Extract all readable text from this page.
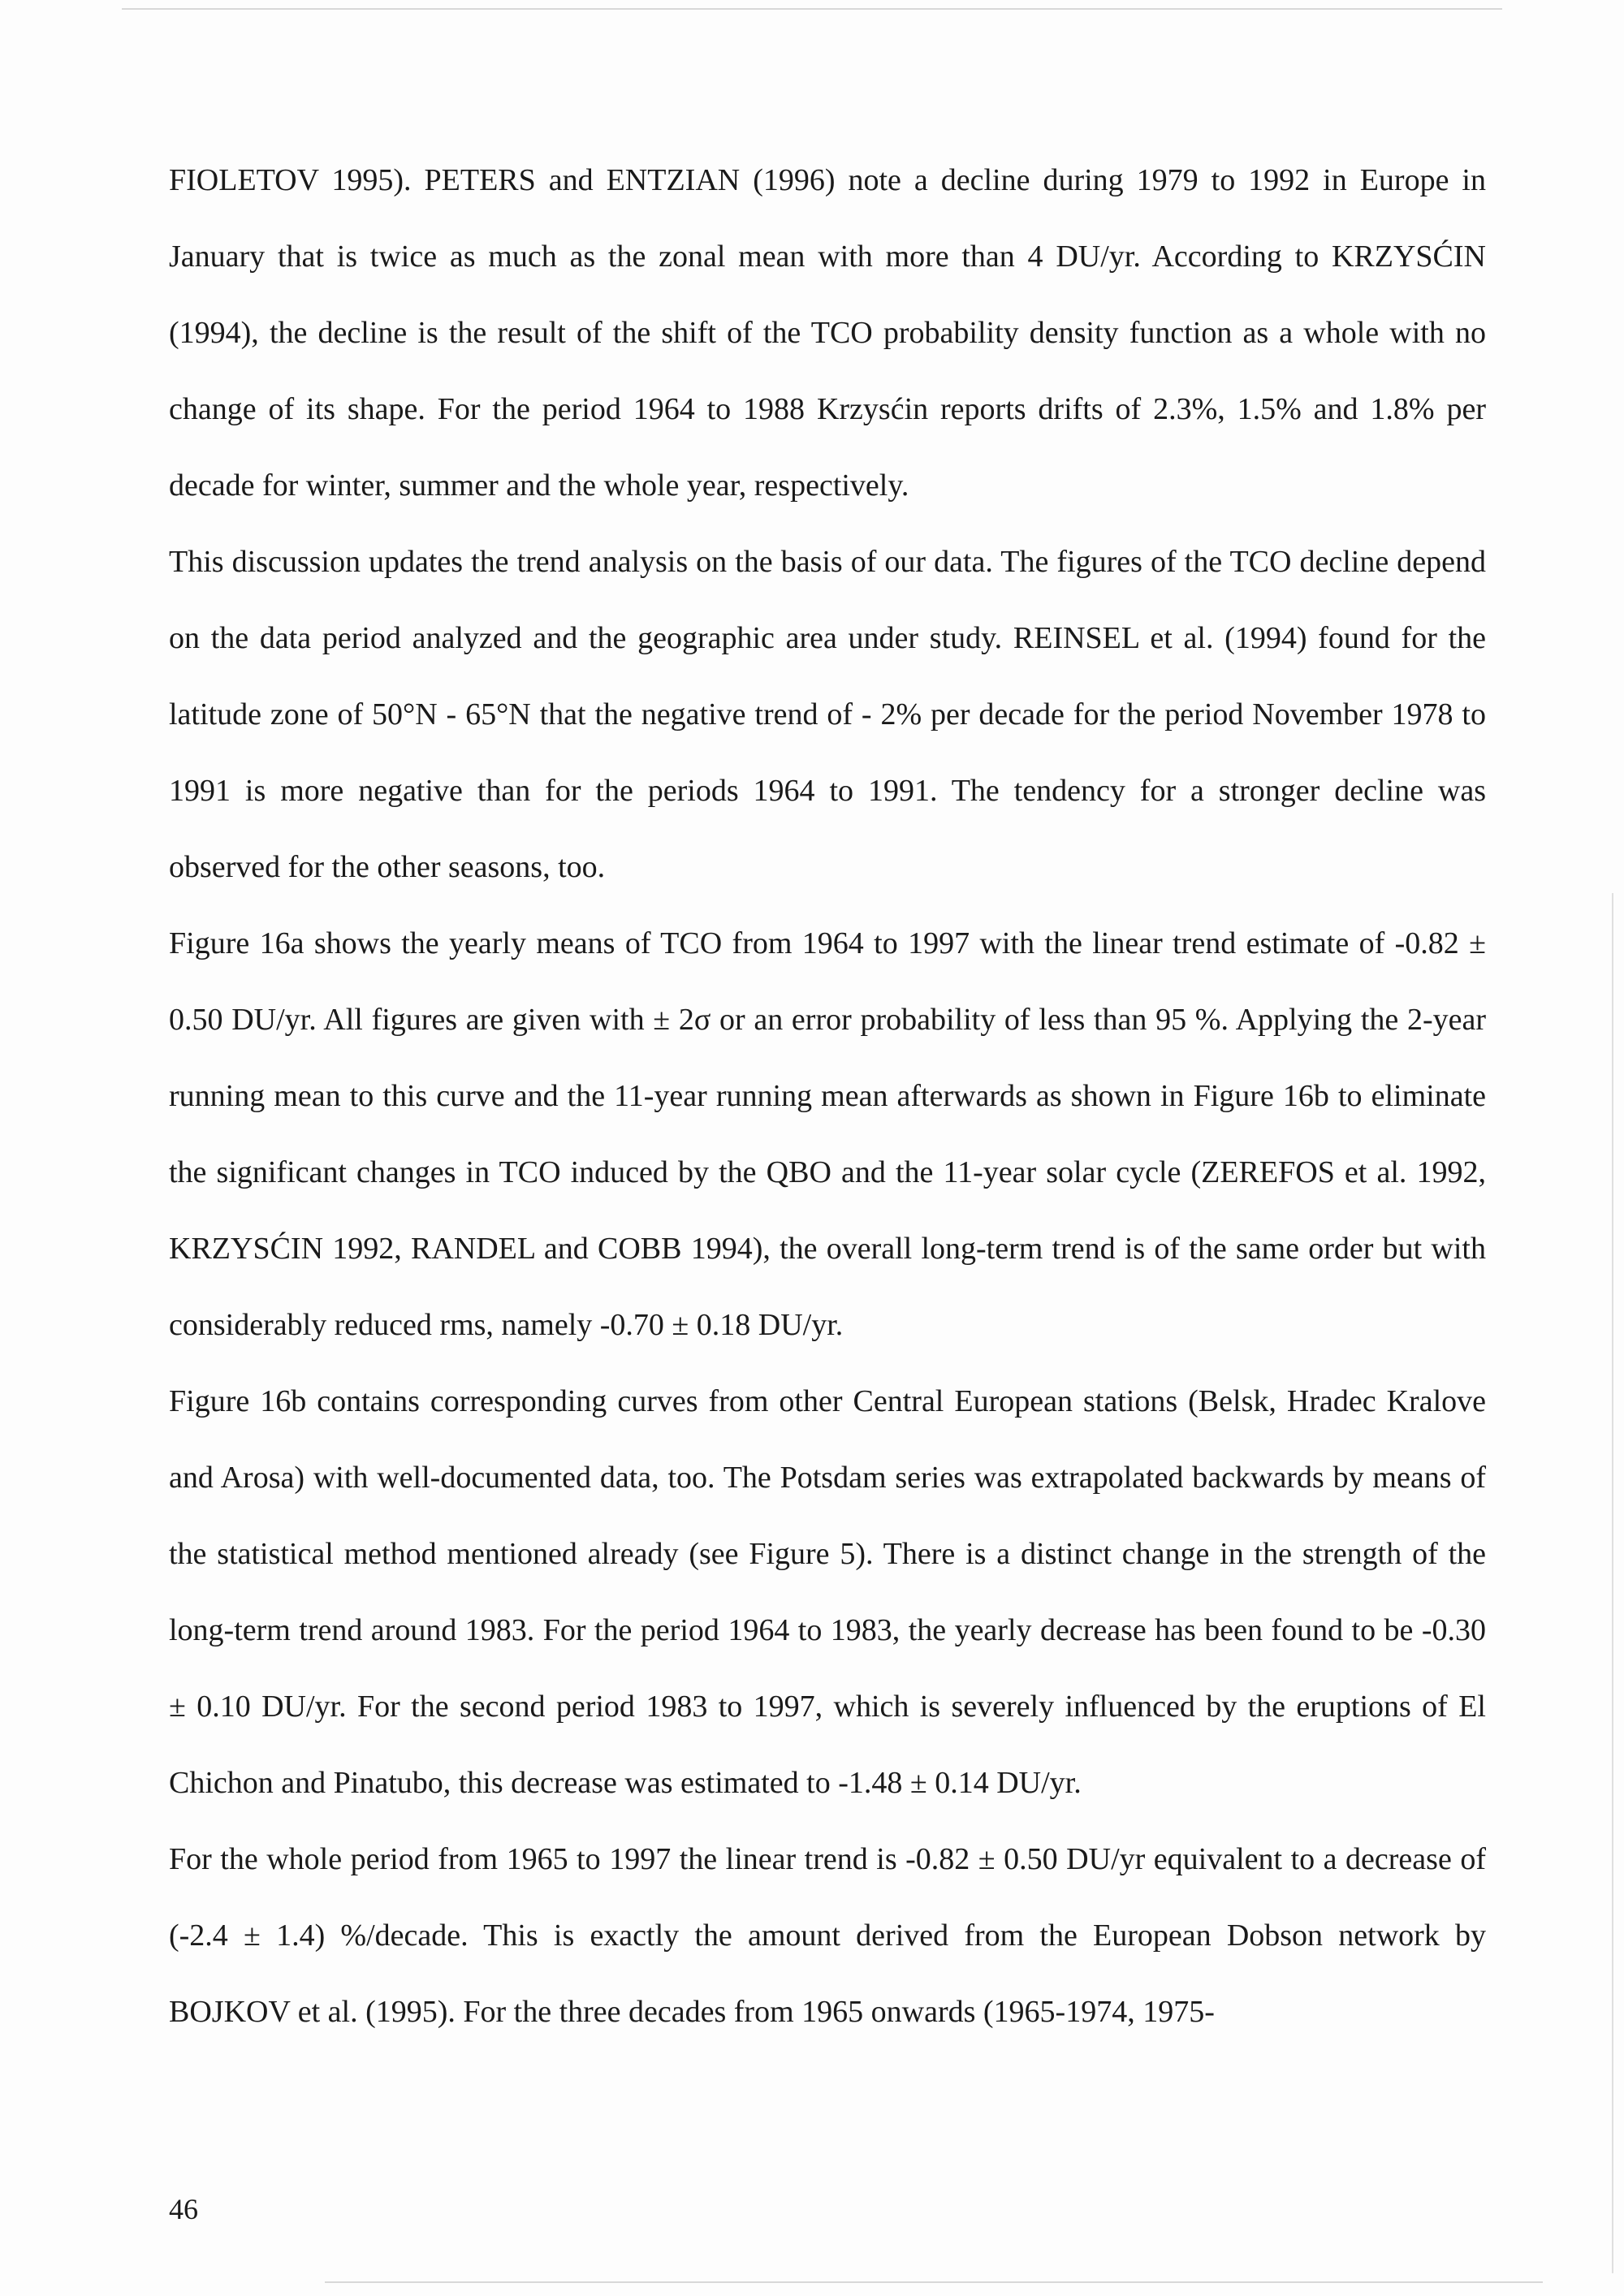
FIOLETOV 1995). PETERS and ENTZIAN (1996) note a decline during 1979 to 1992 in Europe in January that is twice as much as the zonal mean with more than 4 DU/yr. According to KRZYSĆIN (1994), the decline is the result of the shift of the TCO probability density function as a whole with no change of its shape. For the period 1964 to 1988 Krzysćin reports drifts of 2.3%, 1.5% and 1.8% per decade for winter, summer and the whole year, respectively.

This discussion updates the trend analysis on the basis of our data. The figures of the TCO decline depend on the data period analyzed and the geographic area under study. REINSEL et al. (1994) found for the latitude zone of 50°N - 65°N that the negative trend of - 2% per decade for the period November 1978 to 1991 is more negative than for the periods 1964 to 1991. The tendency for a stronger decline was observed for the other seasons, too.

Figure 16a shows the yearly means of TCO from 1964 to 1997 with the linear trend estimate of -0.82 ± 0.50 DU/yr. All figures are given with ± 2σ or an error probability of less than 95 %. Applying the 2-year running mean to this curve and the 11-year running mean afterwards as shown in Figure 16b to eliminate the significant changes in TCO induced by the QBO and the 11-year solar cycle (ZEREFOS et al. 1992, KRZYSĆIN 1992, RANDEL and COBB 1994), the overall long-term trend is of the same order but with considerably reduced rms, namely -0.70 ± 0.18 DU/yr.

Figure 16b contains corresponding curves from other Central European stations (Belsk, Hradec Kralove and Arosa) with well-documented data, too. The Potsdam series was extrapolated backwards by means of the statistical method mentioned already (see Figure 5). There is a distinct change in the strength of the long-term trend around 1983. For the period 1964 to 1983, the yearly decrease has been found to be -0.30 ± 0.10 DU/yr. For the second period 1983 to 1997, which is severely influenced by the eruptions of El Chichon and Pinatubo, this decrease was estimated to -1.48 ± 0.14 DU/yr.

For the whole period from 1965 to 1997 the linear trend is -0.82 ± 0.50 DU/yr equivalent to a decrease of (-2.4 ± 1.4) %/decade. This is exactly the amount derived from the European Dobson network by BOJKOV et al. (1995). For the three decades from 1965 onwards (1965-1974, 1975-

46
